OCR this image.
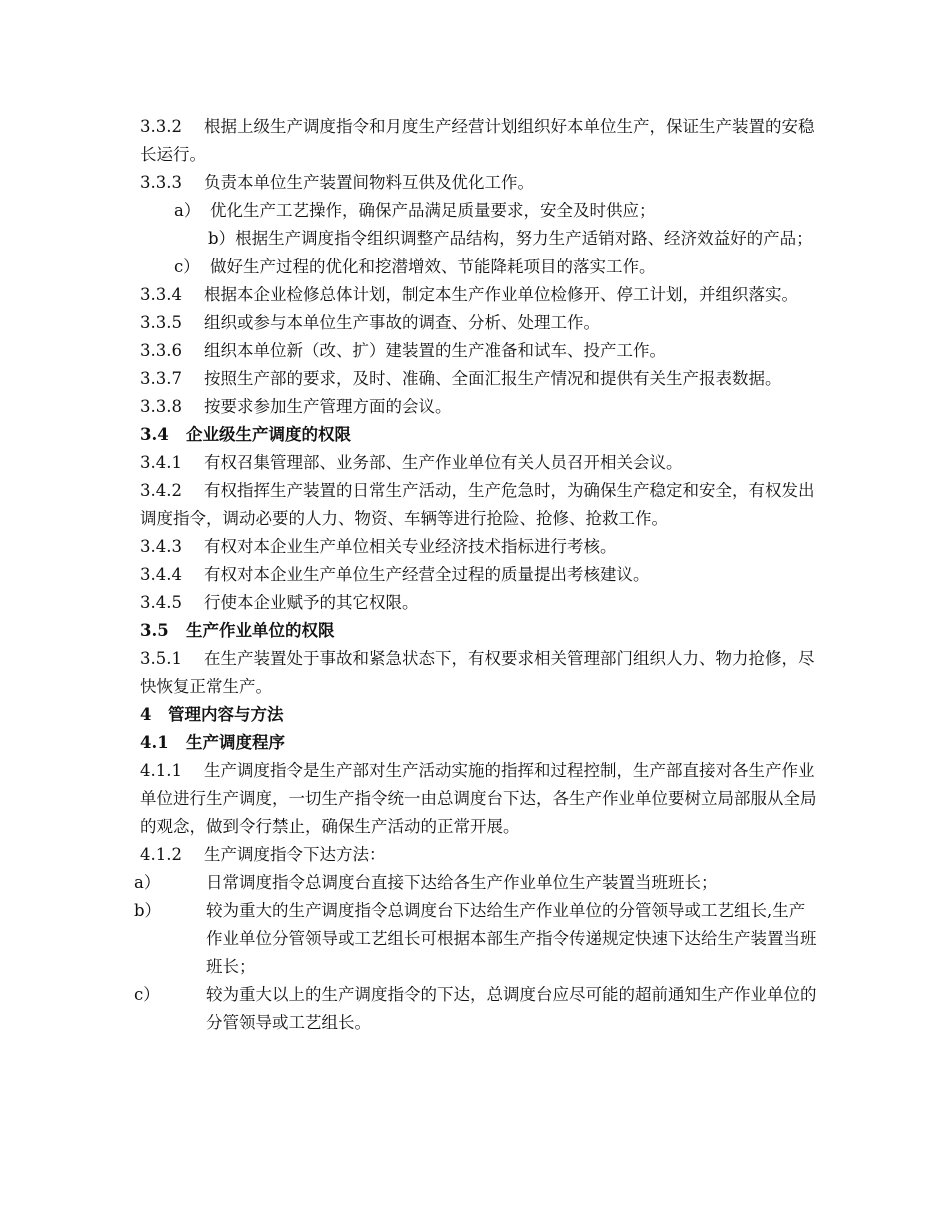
3.3.2 根据上级生产调度指令和月度生产经营计划组织好本单位生产，保证生产装置的安稳长运行。

3.3.3 负责本单位生产装置间物料互供及优化工作。

a） 优化生产工艺操作，确保产品满足质量要求，安全及时供应；

b）根据生产调度指令组织调整产品结构，努力生产适销对路、经济效益好的产品；

c） 做好生产过程的优化和挖潜增效、节能降耗项目的落实工作。

3.3.4 根据本企业检修总体计划，制定本生产作业单位检修开、停工计划，并组织落实。

3.3.5 组织或参与本单位生产事故的调查、分析、处理工作。

3.3.6 组织本单位新（改、扩）建装置的生产准备和试车、投产工作。

3.3.7 按照生产部的要求，及时、准确、全面汇报生产情况和提供有关生产报表数据。

3.3.8 按要求参加生产管理方面的会议。

3.4 企业级生产调度的权限

3.4.1 有权召集管理部、业务部、生产作业单位有关人员召开相关会议。

3.4.2 有权指挥生产装置的日常生产活动，生产危急时，为确保生产稳定和安全，有权发出调度指令，调动必要的人力、物资、车辆等进行抢险、抢修、抢救工作。

3.4.3 有权对本企业生产单位相关专业经济技术指标进行考核。

3.4.4 有权对本企业生产单位生产经营全过程的质量提出考核建议。

3.4.5 行使本企业赋予的其它权限。

3.5 生产作业单位的权限

3.5.1 在生产装置处于事故和紧急状态下，有权要求相关管理部门组织人力、物力抢修，尽快恢复正常生产。

4 管理内容与方法

4.1 生产调度程序

4.1.1 生产调度指令是生产部对生产活动实施的指挥和过程控制，生产部直接对各生产作业单位进行生产调度，一切生产指令统一由总调度台下达，各生产作业单位要树立局部服从全局的观念，做到令行禁止，确保生产活动的正常开展。

4.1.2 生产调度指令下达方法：

a）	日常调度指令总调度台直接下达给各生产作业单位生产装置当班班长；

b）	较为重大的生产调度指令总调度台下达给生产作业单位的分管领导或工艺组长,生产作业单位分管领导或工艺组长可根据本部生产指令传递规定快速下达给生产装置当班班长；

c）	较为重大以上的生产调度指令的下达，总调度台应尽可能的超前通知生产作业单位的分管领导或工艺组长。
